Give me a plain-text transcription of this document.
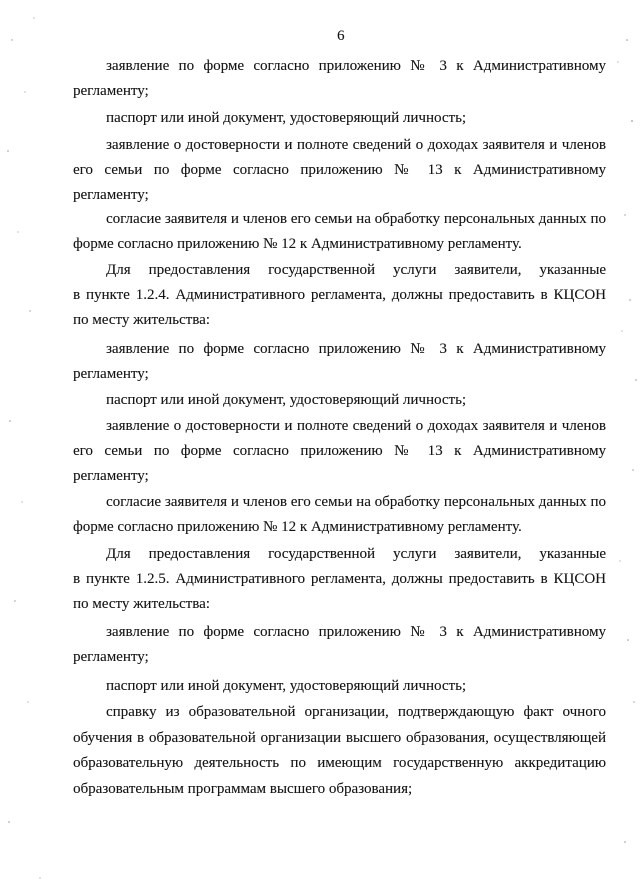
6
заявление по форме согласно приложению № 3 к Административному
регламенту;
паспорт или иной документ, удостоверяющий личность;
заявление о достоверности и полноте сведений о доходах заявителя и членов
его семьи по форме согласно приложению № 13 к Административному
регламенту;
согласие заявителя и членов его семьи на обработку персональных данных по
форме согласно приложению № 12 к Административному регламенту.
Для предоставления государственной услуги заявители, указанные
в пункте 1.2.4. Административного регламента, должны предоставить в КЦСОН
по месту жительства:
заявление по форме согласно приложению № 3 к Административному
регламенту;
паспорт или иной документ, удостоверяющий личность;
заявление о достоверности и полноте сведений о доходах заявителя и членов
его семьи по форме согласно приложению № 13 к Административному
регламенту;
согласие заявителя и членов его семьи на обработку персональных данных по
форме согласно приложению № 12 к Административному регламенту.
Для предоставления государственной услуги заявители, указанные
в пункте 1.2.5. Административного регламента, должны предоставить в КЦСОН
по месту жительства:
заявление по форме согласно приложению № 3 к Административному
регламенту;
паспорт или иной документ, удостоверяющий личность;
справку из образовательной организации, подтверждающую факт очного
обучения в образовательной организации высшего образования, осуществляющей
образовательную деятельность по имеющим государственную аккредитацию
образовательным программам высшего образования;
